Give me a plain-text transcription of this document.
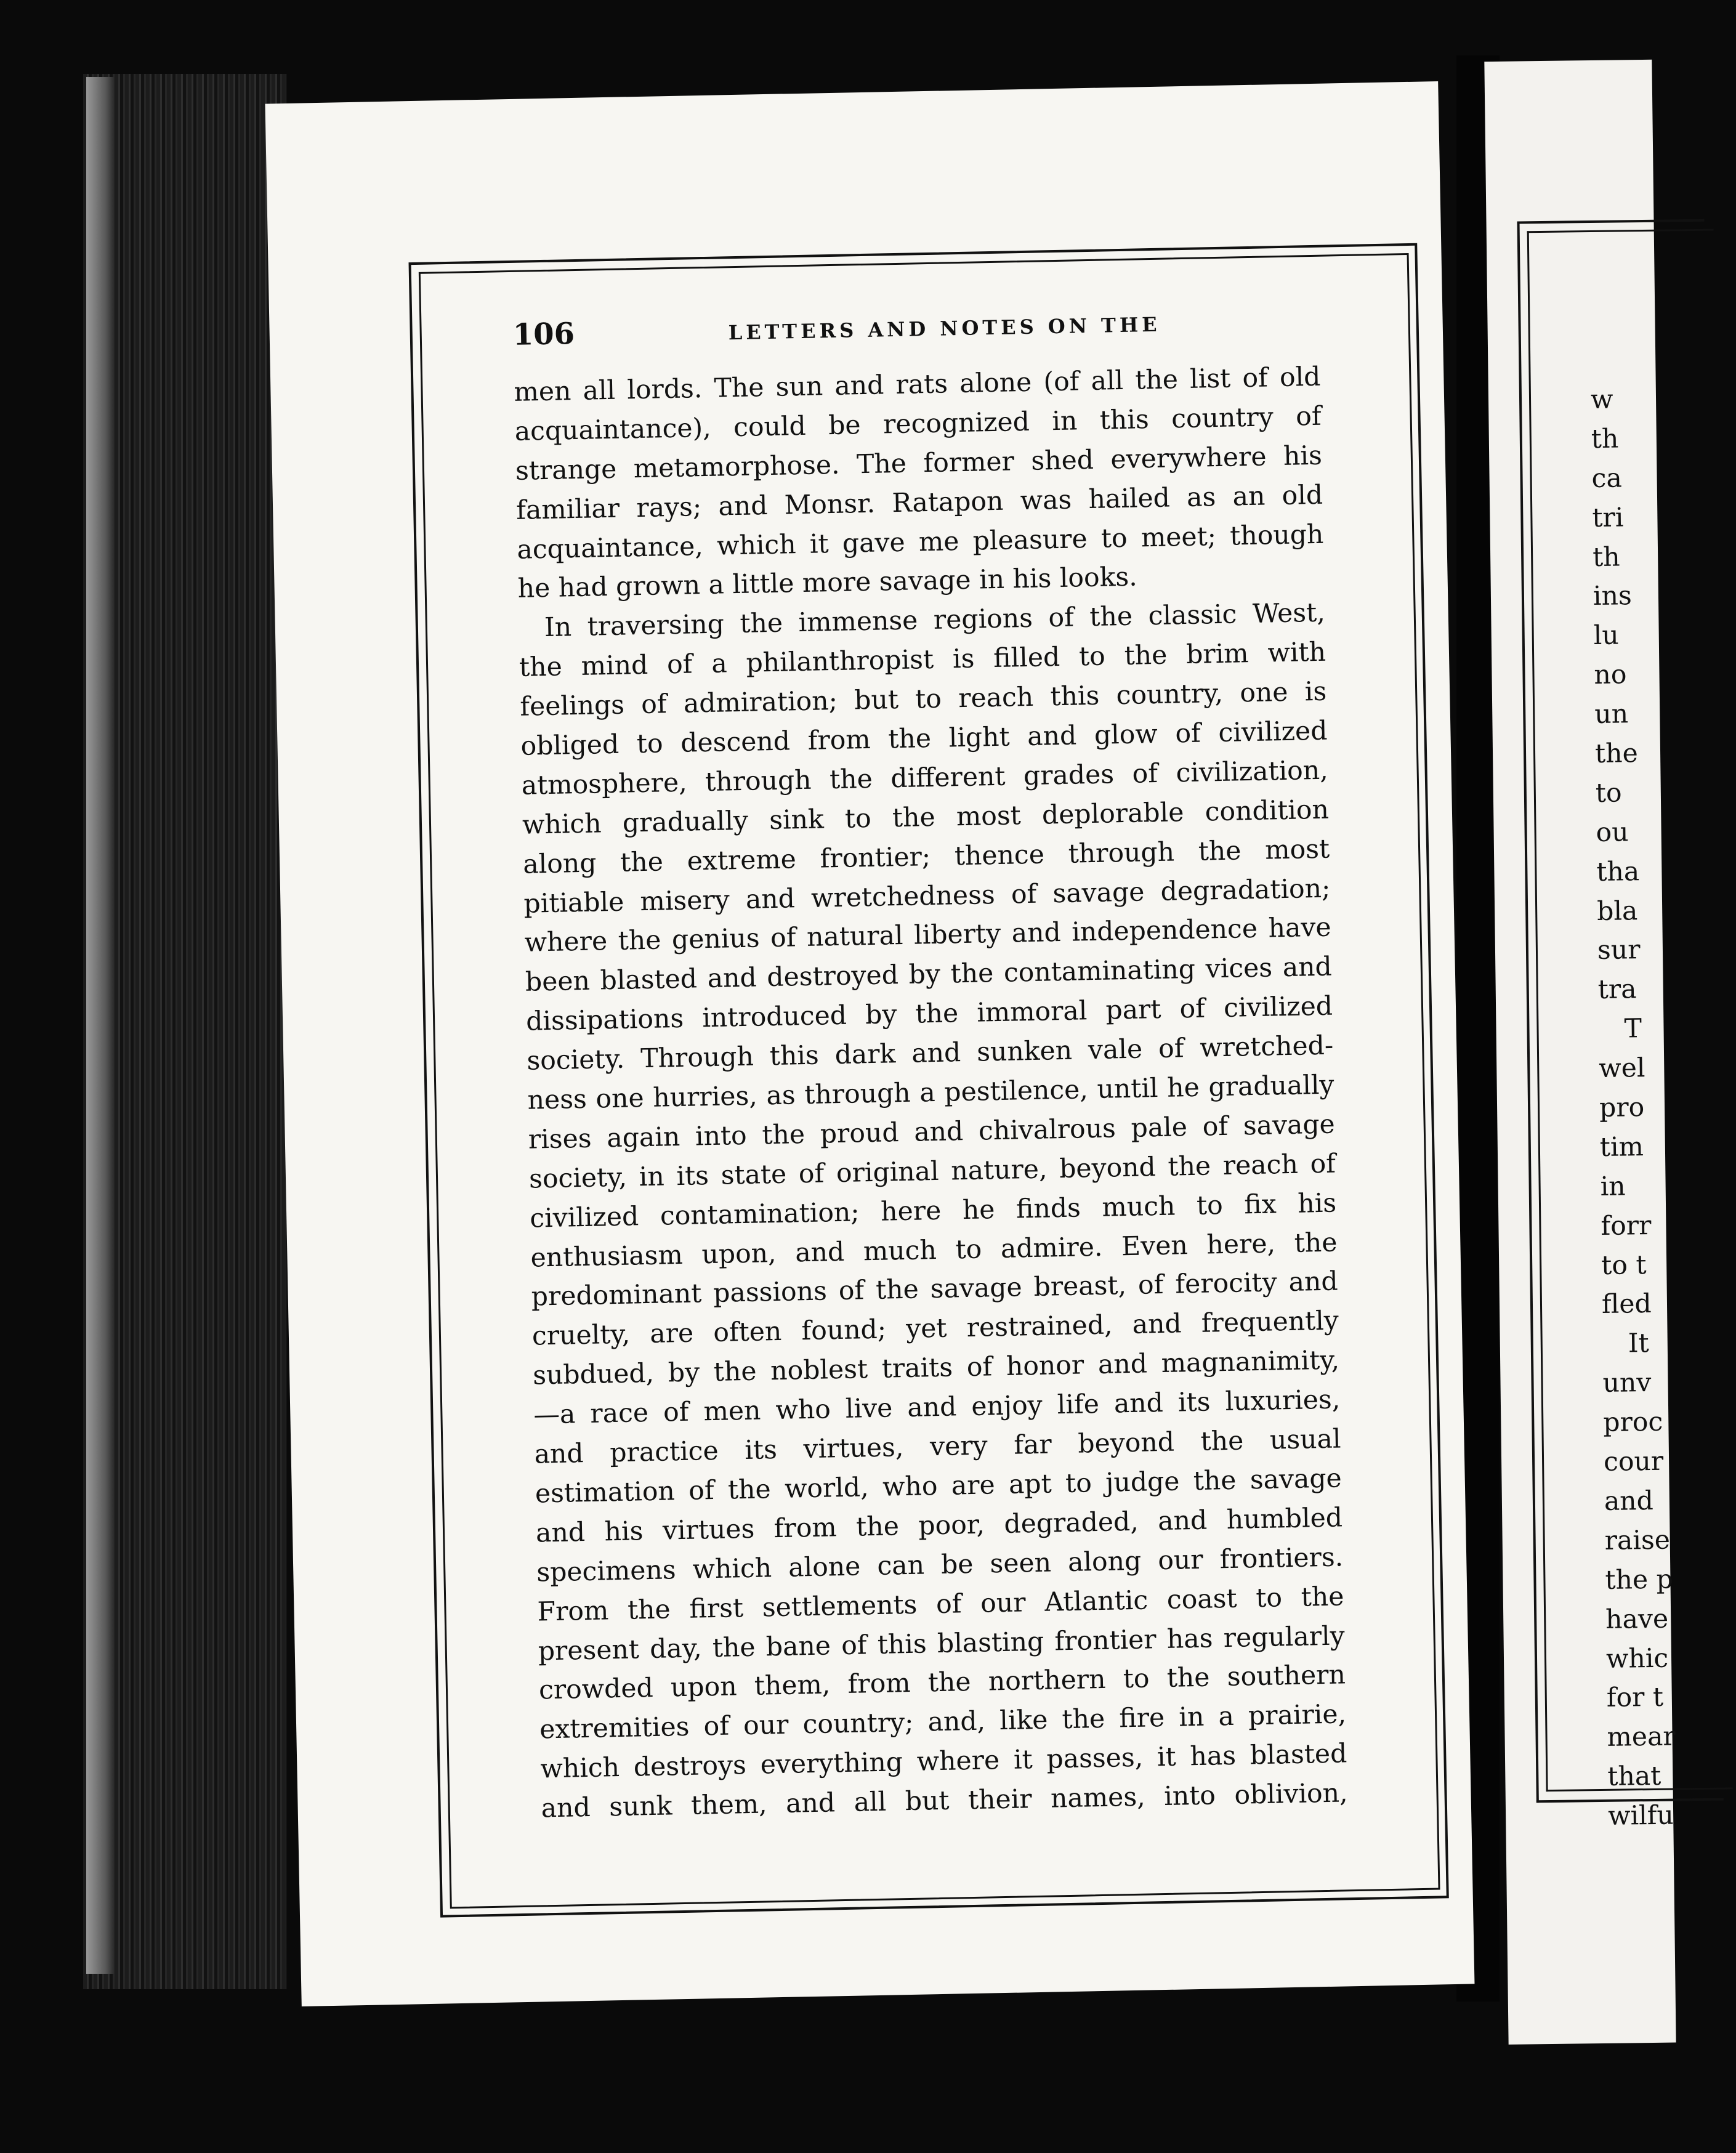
106	LETTERS AND NOTES ON THE
men all lords. The sun and rats alone (of all the list of old
acquaintance), could be recognized in this country of
strange metamorphose. The former shed everywhere his
familiar rays; and Monsr. Ratapon was hailed as an old
acquaintance, which it gave me pleasure to meet; though
he had grown a little more savage in his looks.
In traversing the immense regions of the classic West,
the mind of a philanthropist is filled to the brim with
feelings of admiration; but to reach this country, one is
obliged to descend from the light and glow of civilized
atmosphere, through the different grades of civilization,
which gradually sink to the most deplorable condition
along the extreme frontier; thence through the most
pitiable misery and wretchedness of savage degradation;
where the genius of natural liberty and independence have
been blasted and destroyed by the contaminating vices and
dissipations introduced by the immoral part of civilized
society. Through this dark and sunken vale of wretched-
ness one hurries, as through a pestilence, until he gradually
rises again into the proud and chivalrous pale of savage
society, in its state of original nature, beyond the reach of
civilized contamination; here he finds much to fix his
enthusiasm upon, and much to admire. Even here, the
predominant passions of the savage breast, of ferocity and
cruelty, are often found; yet restrained, and frequently
subdued, by the noblest traits of honor and magnanimity,
—a race of men who live and enjoy life and its luxuries,
and practice its virtues, very far beyond the usual
estimation of the world, who are apt to judge the savage
and his virtues from the poor, degraded, and humbled
specimens which alone can be seen along our frontiers.
From the first settlements of our Atlantic coast to the
present day, the bane of this blasting frontier has regularly
crowded upon them, from the northern to the southern
extremities of our country; and, like the fire in a prairie,
which destroys everything where it passes, it has blasted
and sunk them, and all but their names, into oblivion,
w
th
ca
tri
th
ins
lu
no
un
the
to
ou
tha
bla
sur
tra
T
wel
pro
tim
in
forr
to t
fled
It
unv
proc
cour
and
raise
the p
have
whic
for t
mear
that
wilfu
